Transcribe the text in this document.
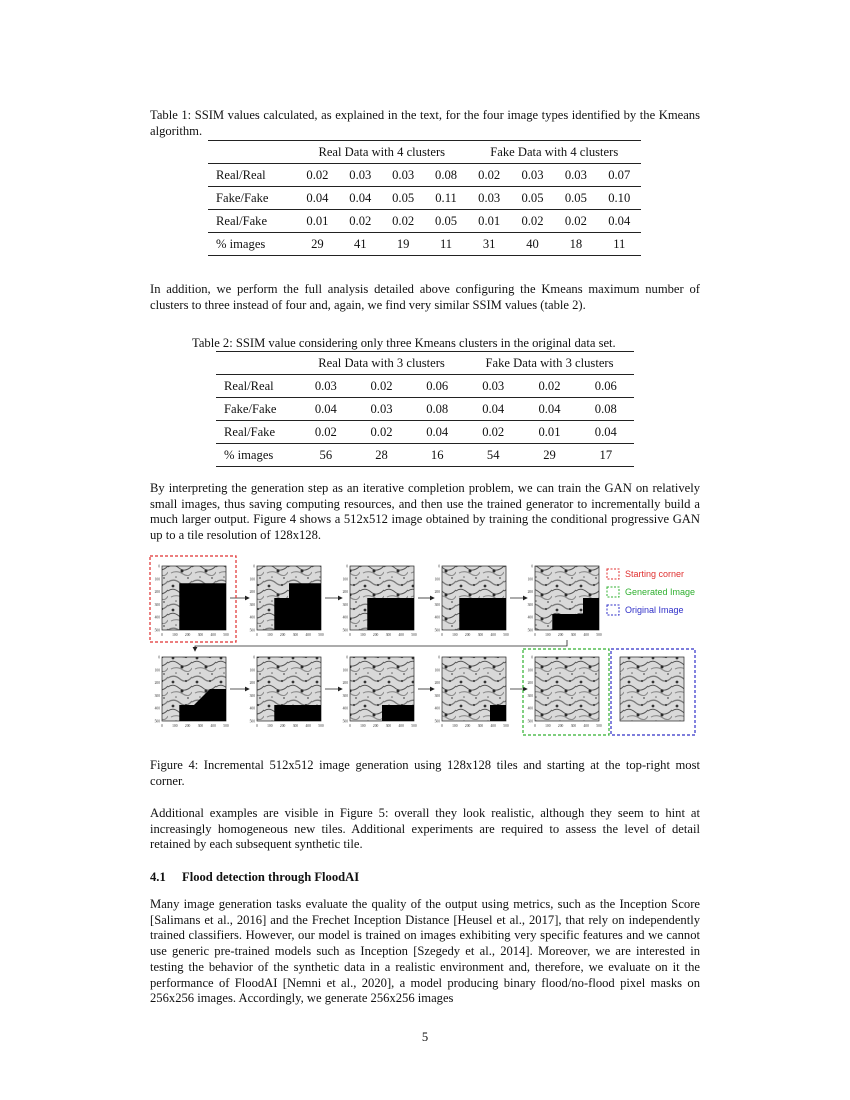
Table 1: SSIM values calculated, as explained in the text, for the four image types identified by the Kmeans algorithm.

	Real Data with 4 clusters				Fake Data with 4 clusters			
Real/Real	0.02	0.03	0.03	0.08	0.02	0.03	0.03	0.07
Fake/Fake	0.04	0.04	0.05	0.11	0.03	0.05	0.05	0.10
Real/Fake	0.01	0.02	0.02	0.05	0.01	0.02	0.02	0.04
% images	29	41	19	11	31	40	18	11

In addition, we perform the full analysis detailed above configuring the Kmeans maximum number of clusters to three instead of four and, again, we find very similar SSIM values (table 2).

Table 2: SSIM value considering only three Kmeans clusters in the original data set.

	Real Data with 3 clusters			Fake Data with 3 clusters		
Real/Real	0.03	0.02	0.06	0.03	0.02	0.06
Fake/Fake	0.04	0.03	0.08	0.04	0.04	0.08
Real/Fake	0.02	0.02	0.04	0.02	0.01	0.04
% images	56	28	16	54	29	17

By interpreting the generation step as an iterative completion problem, we can train the GAN on relatively small images, thus saving computing resources, and then use the trained generator to incrementally build a much larger output. Figure 4 shows a 512x512 image obtained by training the conditional progressive GAN up to a tile resolution of 128x128.

Figure 4: Incremental 512x512 image generation using 128x128 tiles and starting at the top-right most corner.

Additional examples are visible in Figure 5: overall they look realistic, although they seem to hint at increasingly homogeneous new tiles. Additional experiments are required to assess the level of detail retained by each subsequent synthetic tile.

4.1 Flood detection through FloodAI

Many image generation tasks evaluate the quality of the output using metrics, such as the Inception Score [Salimans et al., 2016] and the Frechet Inception Distance [Heusel et al., 2017], that rely on independently trained classifiers. However, our model is trained on images exhibiting very specific features and we cannot use generic pre-trained models such as Inception [Szegedy et al., 2014]. Moreover, we are interested in testing the behavior of the synthetic data in a realistic environment and, therefore, we evaluate on it the performance of FloodAI [Nemni et al., 2020], a model producing binary flood/no-flood pixel masks on 256x256 images. Accordingly, we generate 256x256 images

0
0
100
100
200
200
300
300
400
400
500
500
0
0
100
100
200
200
300
300
400
400
500
500
0
0
100
100
200
200
300
300
400
400
500
500
0
0
100
100
200
200
300
300
400
400
500
500
0
0
100
100
200
200
300
300
400
400
500
500
0
0
100
100
200
200
300
300
400
400
500
500
0
0
100
100
200
200
300
300
400
400
500
500
0
0
100
100
200
200
300
300
400
400
500
500
0
0
100
100
200
200
300
300
400
400
500
500
0
0
100
100
200
200
300
300
400
400
500
500
Starting corner
Generated Image
Original Image
5
